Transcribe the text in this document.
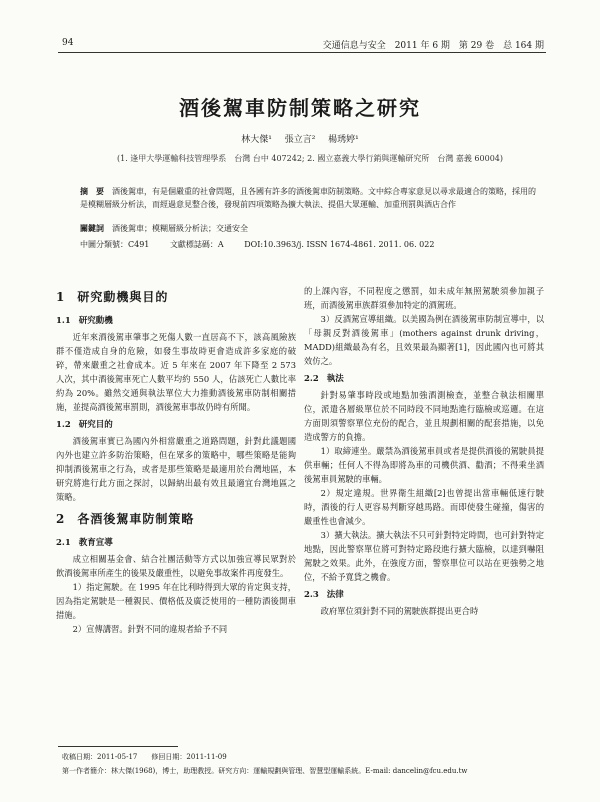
94	交通信息与安全　2011 年 6 期　第 29 卷　总 164 期
酒後駕車防制策略之研究
林大傑¹ 張立言² 楊琇婷¹
(1. 逢甲大學運輸科技管理學系　台灣 台中 407242; 2. 國立嘉義大學行銷與運輸研究所　台灣 嘉義 60004)
摘　要 酒後駕車，有是個嚴重的社會問題，且各國有許多的酒後駕車防制策略。文中綜合專家意見以尋求最適合的策略，採用的是模糊層級分析法，而經過意見整合後，發現前四項策略為擴大執法、提倡大眾運輸、加重刑罰與酒店合作
關鍵詞 酒後駕車；模糊層級分析法；交通安全
中圖分類號：C491	文獻標誌碼：A	DOI:10.3963/j. ISSN 1674-4861. 2011. 06. 022
1 研究動機與目的
1.1 研究動機

近年來酒後駕車肇事之死傷人數一直居高不下，該高風險族群不僅造成自身的危險，如發生事故時更會造成許多家庭的破碎，帶來嚴重之社會成本。近 5 年來在 2007 年下降至 2 573 人次，其中酒後駕車死亡人數平均約 550 人，佔該死亡人數比率約為 20%。雖然交通與執法單位大力推動酒後駕車防制相關措施，並提高酒後駕車罰則，酒後駕車事故仍時有所聞。

1.2 研究目的

酒後駕車實已為國內外相當嚴重之道路問題，針對此議題國內外也建立許多防治策略，但在眾多的策略中，哪些策略是能夠抑制酒後駕車之行為，或者是那些策略是最適用於台灣地區，本研究將進行此方面之探討，以歸納出最有效且最適宜台灣地區之策略。

2 各酒後駕車防制策略
2.1 教育宣導

成立相關基金會、結合社團活動等方式以加強宣導民眾對於飲酒後駕車所產生的後果及嚴重性，以避免事故案件再度發生。

1）指定駕駛。在 1995 年在比利時得到大眾的肯定與支持，因為指定駕駛是一種親民、價格低及廣泛使用的一種防酒後開車措施。

2）宣傳講習。針對不同的違規者給予不同

的上課內容，不同程度之懲罰，如未成年無照駕駛須參加親子班，而酒後駕車族群須參加特定的酒駕班。

3）反酒駕宣導組織。以美國為例在酒後駕車防制宣導中，以「母親反對酒後駕車」(mothers against drunk driving，MADD)組織最為有名，且效果最為顯著[1]，因此國內也可將其效仿之。

2.2 執法

針對易肇事時段或地點加強酒測檢查，並整合執法相關單位，派遣各層級單位於不同時段不同地點進行臨檢或巡邏。在這方面則須警察單位充份的配合，並且規劃相關的配套措施，以免造成警方的負擔。

1）取締連坐。嚴禁為酒後駕車員或者是提供酒後的駕駛員提供車輛；任何人不得為即將為車的司機供酒、勸酒；不得乘坐酒後駕車員駕駛的車輛。

2）規定違規。世界衛生組織[2]也曾提出當車輛低速行駛時，酒後的行人更容易判斷穿越馬路。而即使發生碰撞，傷害的嚴重性也會減少。

3）擴大執法。擴大執法不只可針對特定時間，也可針對特定地點，因此警察單位將可對特定路段進行擴大臨檢，以達到嚇阻駕駛之效果。此外，在強度方面，警察單位可以站在更強勢之地位，不給予寬貸之機會。

2.3 法律

政府單位須針對不同的駕駛族群提出更合時

收稿日期：2011-05-17　　修回日期：2011-11-09
第一作者簡介：林大傑(1968)，博士，助理教授。研究方向：運輸規劃與管理、智慧型運輸系統。E-mail: dancelin@fcu.edu.tw
